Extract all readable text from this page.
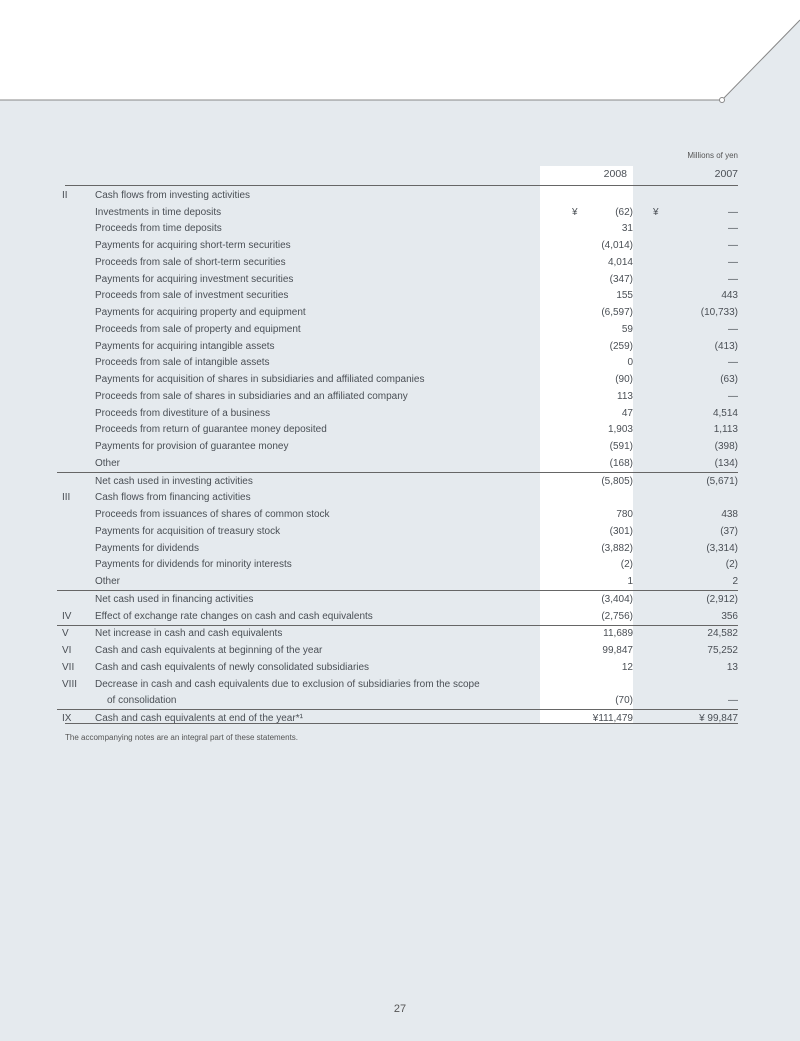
Millions of yen
2008	2007
II	Cash flows from investing activities		
	Investments in time deposits	¥ (62)	¥ —
	Proceeds from time deposits	31	—
	Payments for acquiring short-term securities	(4,014)	—
	Proceeds from sale of short-term securities	4,014	—
	Payments for acquiring investment securities	(347)	—
	Proceeds from sale of investment securities	155	443
	Payments for acquiring property and equipment	(6,597)	(10,733)
	Proceeds from sale of property and equipment	59	—
	Payments for acquiring intangible assets	(259)	(413)
	Proceeds from sale of intangible assets	0	—
	Payments for acquisition of shares in subsidiaries and affiliated companies	(90)	(63)
	Proceeds from sale of shares in subsidiaries and an affiliated company	113	—
	Proceeds from divestiture of a business	47	4,514
	Proceeds from return of guarantee money deposited	1,903	1,113
	Payments for provision of guarantee money	(591)	(398)
	Other	(168)	(134)
	Net cash used in investing activities	(5,805)	(5,671)
III	Cash flows from financing activities		
	Proceeds from issuances of shares of common stock	780	438
	Payments for acquisition of treasury stock	(301)	(37)
	Payments for dividends	(3,882)	(3,314)
	Payments for dividends for minority interests	(2)	(2)
	Other	1	2
	Net cash used in financing activities	(3,404)	(2,912)
IV	Effect of exchange rate changes on cash and cash equivalents	(2,756)	356
V	Net increase in cash and cash equivalents	11,689	24,582
VI	Cash and cash equivalents at beginning of the year	99,847	75,252
VII	Cash and cash equivalents of newly consolidated subsidiaries	12	13
VIII	Decrease in cash and cash equivalents due to exclusion of subsidiaries from the scope		
	of consolidation	(70)	—
IX	Cash and cash equivalents at end of the year*¹	¥111,479	¥ 99,847
The accompanying notes are an integral part of these statements.
27
